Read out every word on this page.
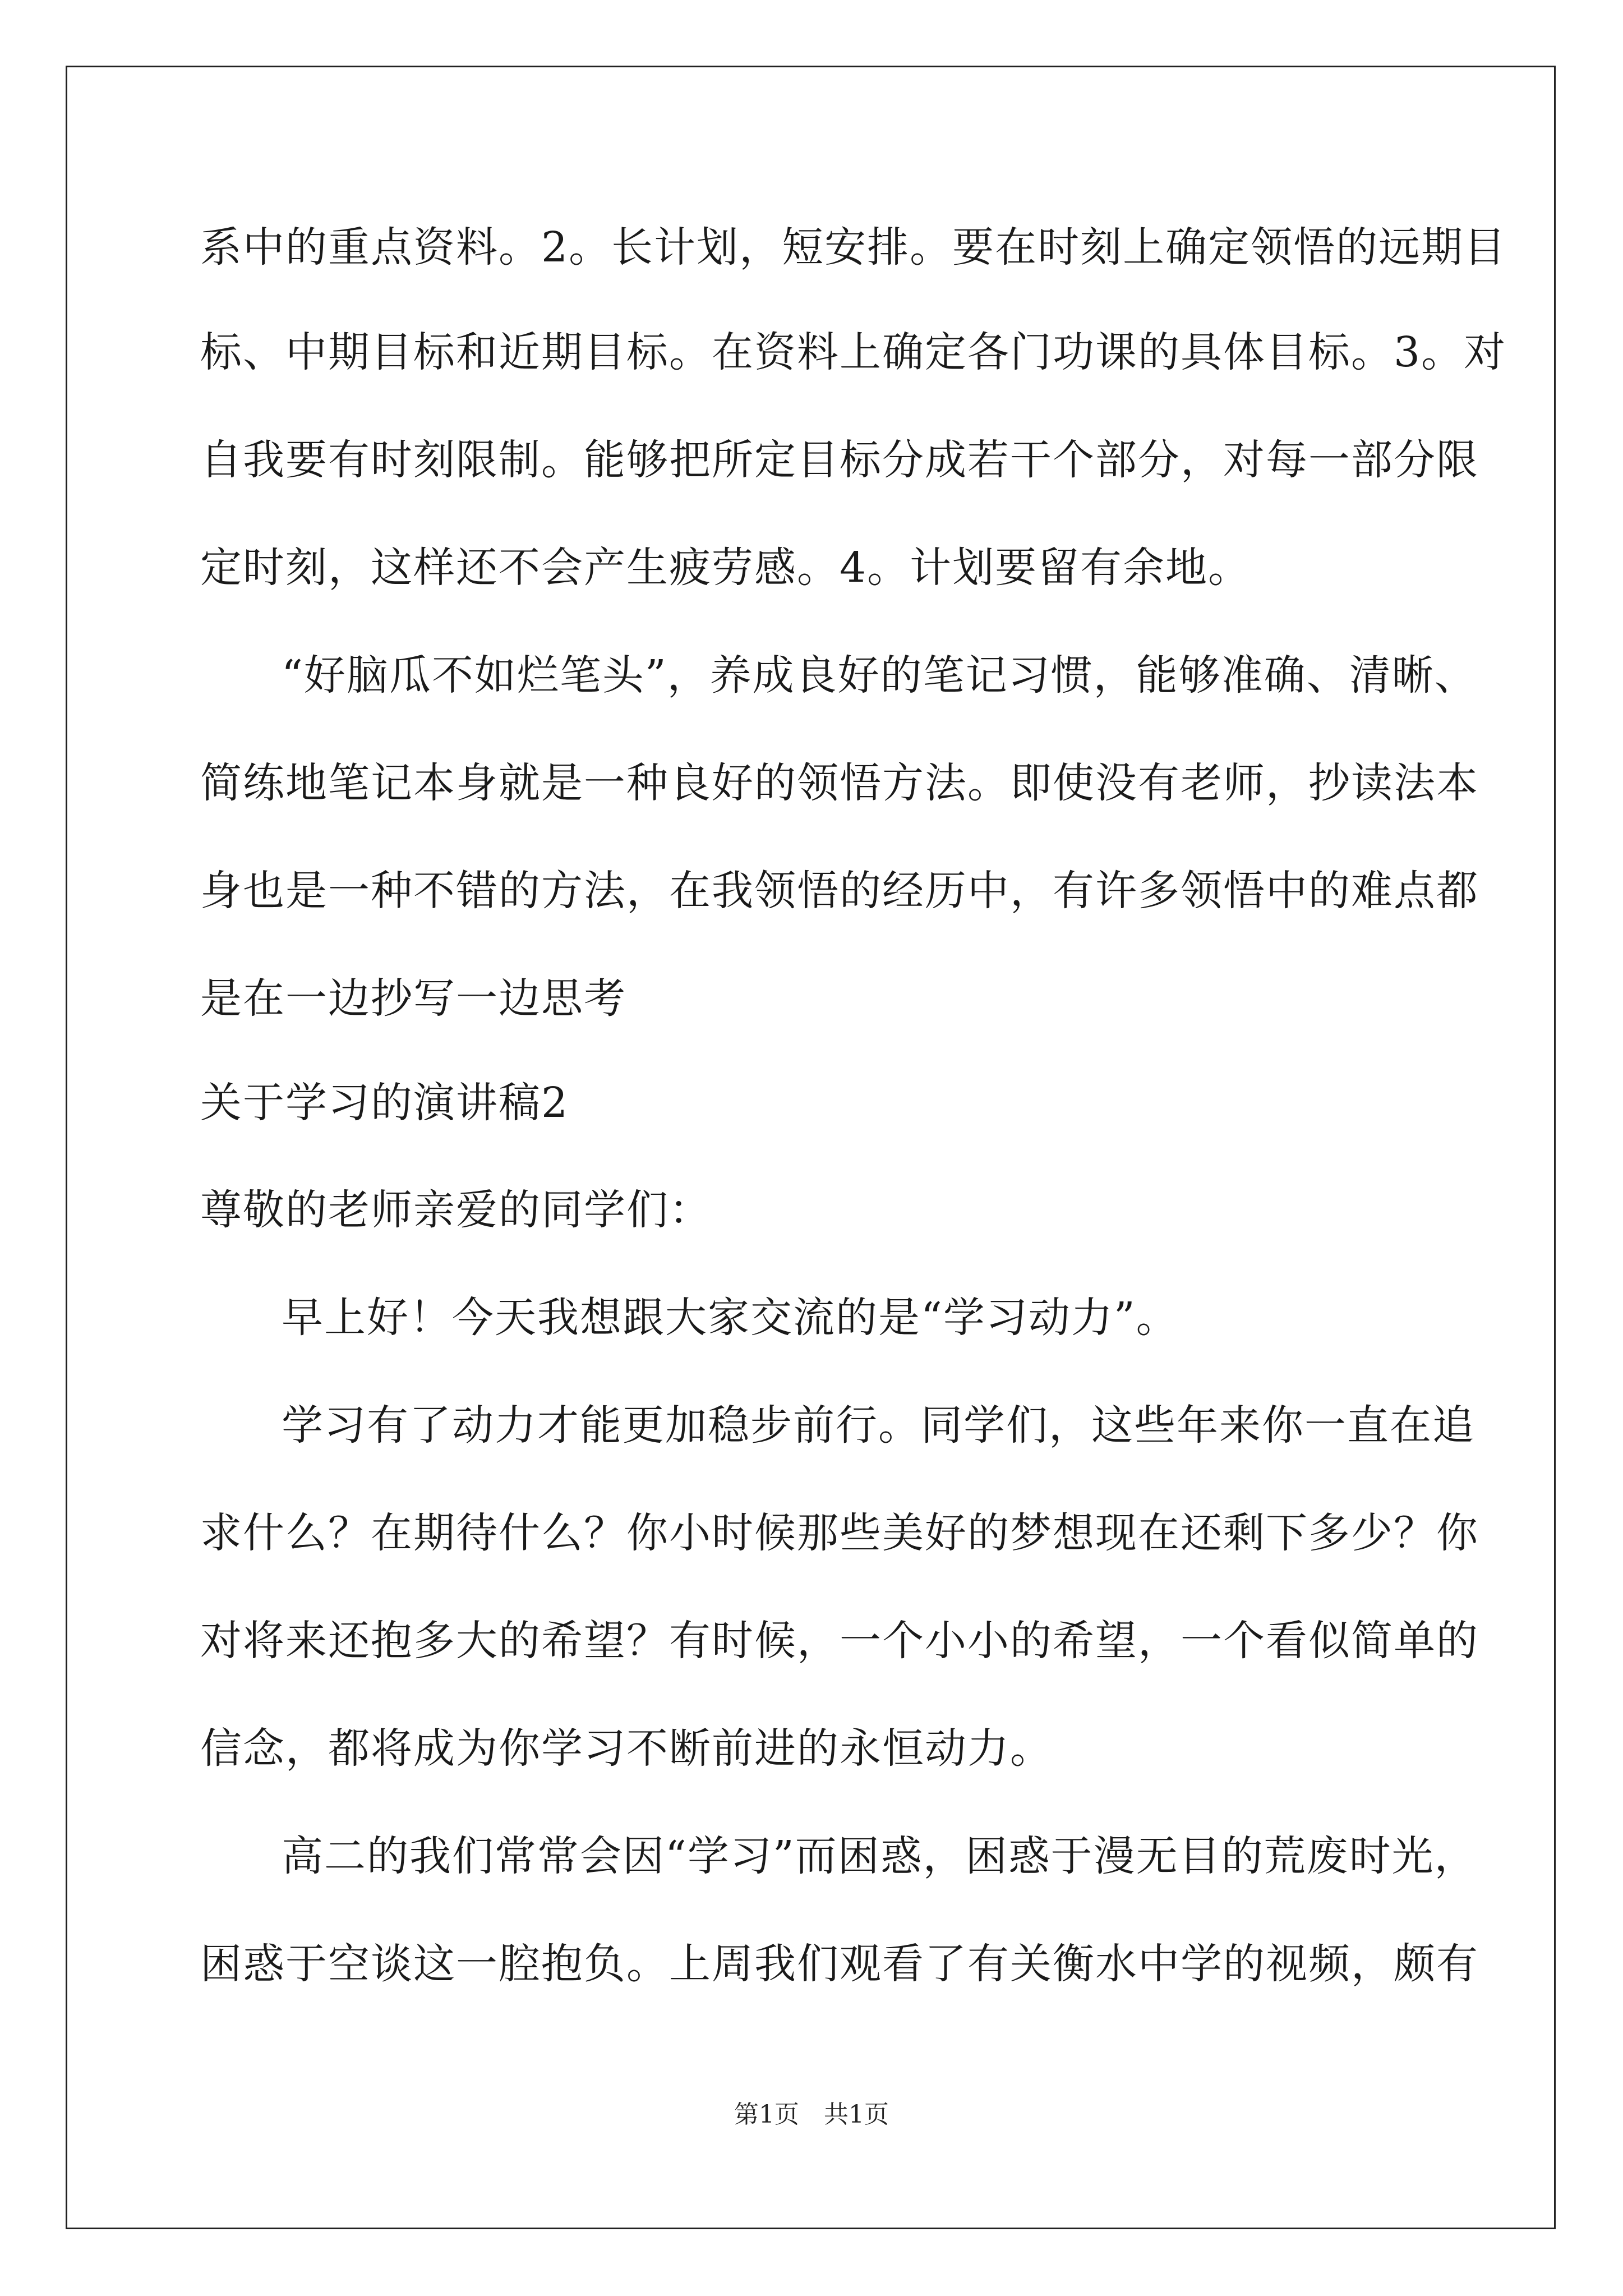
系中的重点资料。2。长计划，短安排。要在时刻上确定领悟的远期目
标、中期目标和近期目标。在资料上确定各门功课的具体目标。3。对
自我要有时刻限制。能够把所定目标分成若干个部分，对每一部分限
定时刻，这样还不会产生疲劳感。4。计划要留有余地。
“好脑瓜不如烂笔头”，养成良好的笔记习惯，能够准确、清晰、
简练地笔记本身就是一种良好的领悟方法。即使没有老师，抄读法本
身也是一种不错的方法，在我领悟的经历中，有许多领悟中的难点都
是在一边抄写一边思考
关于学习的演讲稿2
尊敬的老师亲爱的同学们：
早上好！今天我想跟大家交流的是“学习动力”。
学习有了动力才能更加稳步前行。同学们，这些年来你一直在追
求什么？在期待什么？你小时候那些美好的梦想现在还剩下多少？你
对将来还抱多大的希望？有时候，一个小小的希望，一个看似简单的
信念，都将成为你学习不断前进的永恒动力。
高二的我们常常会因“学习”而困惑，困惑于漫无目的荒废时光，
困惑于空谈这一腔抱负。上周我们观看了有关衡水中学的视频，颇有
第1页　共1页
